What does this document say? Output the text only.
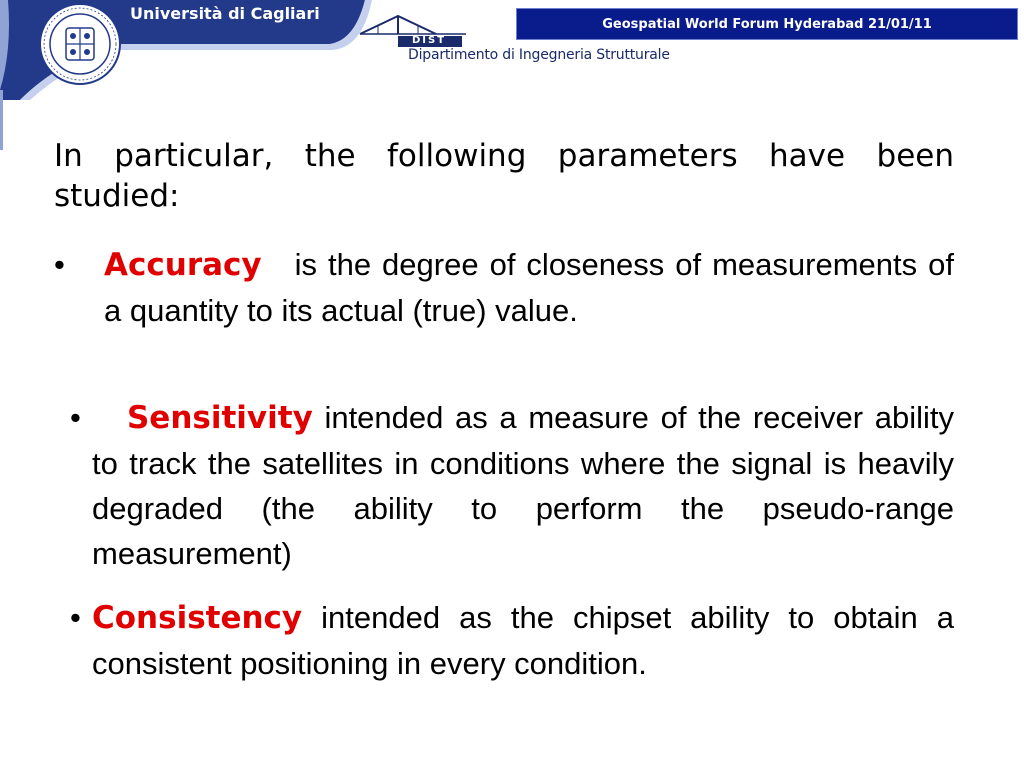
Università di Cagliari
DIST
Dipartimento di Ingegneria Strutturale
Geospatial World Forum Hyderabad 21/01/11
In particular, the following parameters have been studied:
• Accuracy is the degree of closeness of measurements of a quantity to its actual (true) value.
•	Sensitivity intended as a measure of the receiver ability to track the satellites in conditions where the signal is heavily degraded (the ability to perform the pseudo-range measurement)
• Consistency intended as the chipset ability to obtain a consistent positioning in every condition.
